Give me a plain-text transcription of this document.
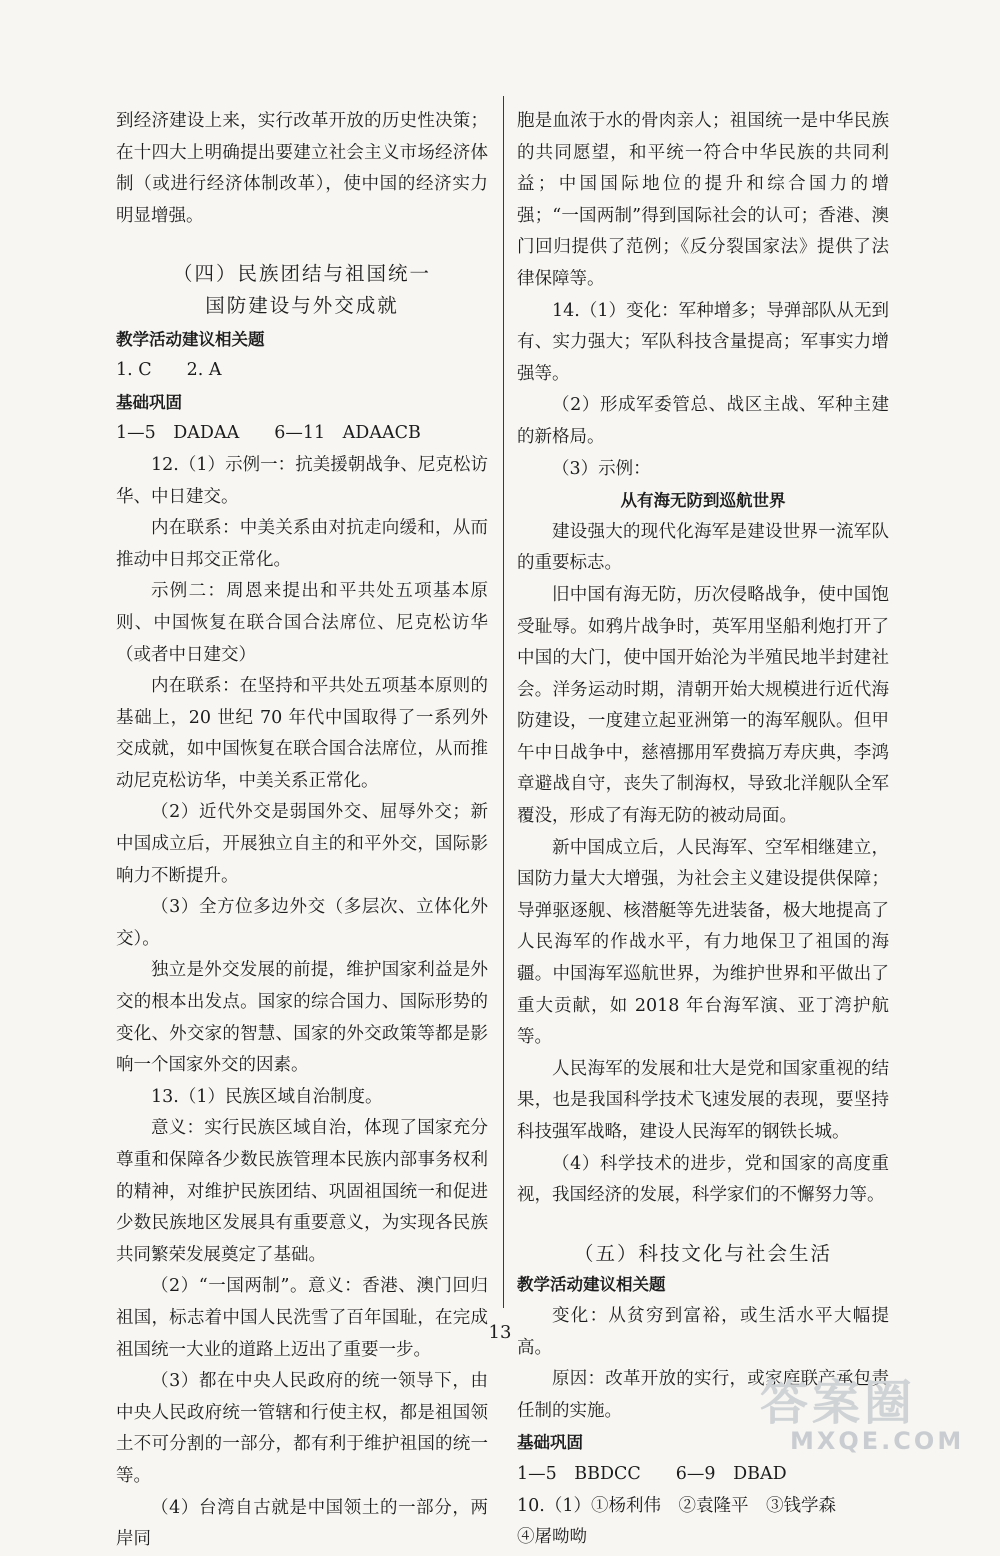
到经济建设上来，实行改革开放的历史性决策；在十四大上明确提出要建立社会主义市场经济体制（或进行经济体制改革），使中国的经济实力明显增强。

（四）民族团结与祖国统一

国防建设与外交成就

教学活动建议相关题

1. C　　2. A

基础巩固

1—5　DADAA　　6—11　ADAACB

12.（1）示例一：抗美援朝战争、尼克松访华、中日建交。

内在联系：中美关系由对抗走向缓和，从而推动中日邦交正常化。

示例二：周恩来提出和平共处五项基本原则、中国恢复在联合国合法席位、尼克松访华（或者中日建交）

内在联系：在坚持和平共处五项基本原则的基础上，20 世纪 70 年代中国取得了一系列外交成就，如中国恢复在联合国合法席位，从而推动尼克松访华，中美关系正常化。

（2）近代外交是弱国外交、屈辱外交；新中国成立后，开展独立自主的和平外交，国际影响力不断提升。

（3）全方位多边外交（多层次、立体化外交）。

独立是外交发展的前提，维护国家利益是外交的根本出发点。国家的综合国力、国际形势的变化、外交家的智慧、国家的外交政策等都是影响一个国家外交的因素。

13.（1）民族区域自治制度。

意义：实行民族区域自治，体现了国家充分尊重和保障各少数民族管理本民族内部事务权利的精神，对维护民族团结、巩固祖国统一和促进少数民族地区发展具有重要意义，为实现各民族共同繁荣发展奠定了基础。

（2）“一国两制”。意义：香港、澳门回归祖国，标志着中国人民洗雪了百年国耻，在完成祖国统一大业的道路上迈出了重要一步。

（3）都在中央人民政府的统一领导下，由中央人民政府统一管辖和行使主权，都是祖国领土不可分割的一部分，都有利于维护祖国的统一等。

（4）台湾自古就是中国领土的一部分，两岸同

胞是血浓于水的骨肉亲人；祖国统一是中华民族的共同愿望，和平统一符合中华民族的共同利益；中国国际地位的提升和综合国力的增强；“一国两制”得到国际社会的认可；香港、澳门回归提供了范例；《反分裂国家法》提供了法律保障等。

14.（1）变化：军种增多；导弹部队从无到有、实力强大；军队科技含量提高；军事实力增强等。

（2）形成军委管总、战区主战、军种主建的新格局。

（3）示例：

从有海无防到巡航世界

建设强大的现代化海军是建设世界一流军队的重要标志。

旧中国有海无防，历次侵略战争，使中国饱受耻辱。如鸦片战争时，英军用坚船利炮打开了中国的大门，使中国开始沦为半殖民地半封建社会。洋务运动时期，清朝开始大规模进行近代海防建设，一度建立起亚洲第一的海军舰队。但甲午中日战争中，慈禧挪用军费搞万寿庆典，李鸿章避战自守，丧失了制海权，导致北洋舰队全军覆没，形成了有海无防的被动局面。

新中国成立后，人民海军、空军相继建立，国防力量大大增强，为社会主义建设提供保障；导弹驱逐舰、核潜艇等先进装备，极大地提高了人民海军的作战水平，有力地保卫了祖国的海疆。中国海军巡航世界，为维护世界和平做出了重大贡献，如 2018 年台海军演、亚丁湾护航等。

人民海军的发展和壮大是党和国家重视的结果，也是我国科学技术飞速发展的表现，要坚持科技强军战略，建设人民海军的钢铁长城。

（4）科学技术的进步，党和国家的高度重视，我国经济的发展，科学家们的不懈努力等。

（五）科技文化与社会生活

教学活动建议相关题

变化：从贫穷到富裕，或生活水平大幅提高。

原因：改革开放的实行，或家庭联产承包责任制的实施。

基础巩固

1—5　BBDCC　　6—9　DBAD

10.（1）①杨利伟　②袁隆平　③钱学森

④屠呦呦

13
答案圈
MXQE.COM
